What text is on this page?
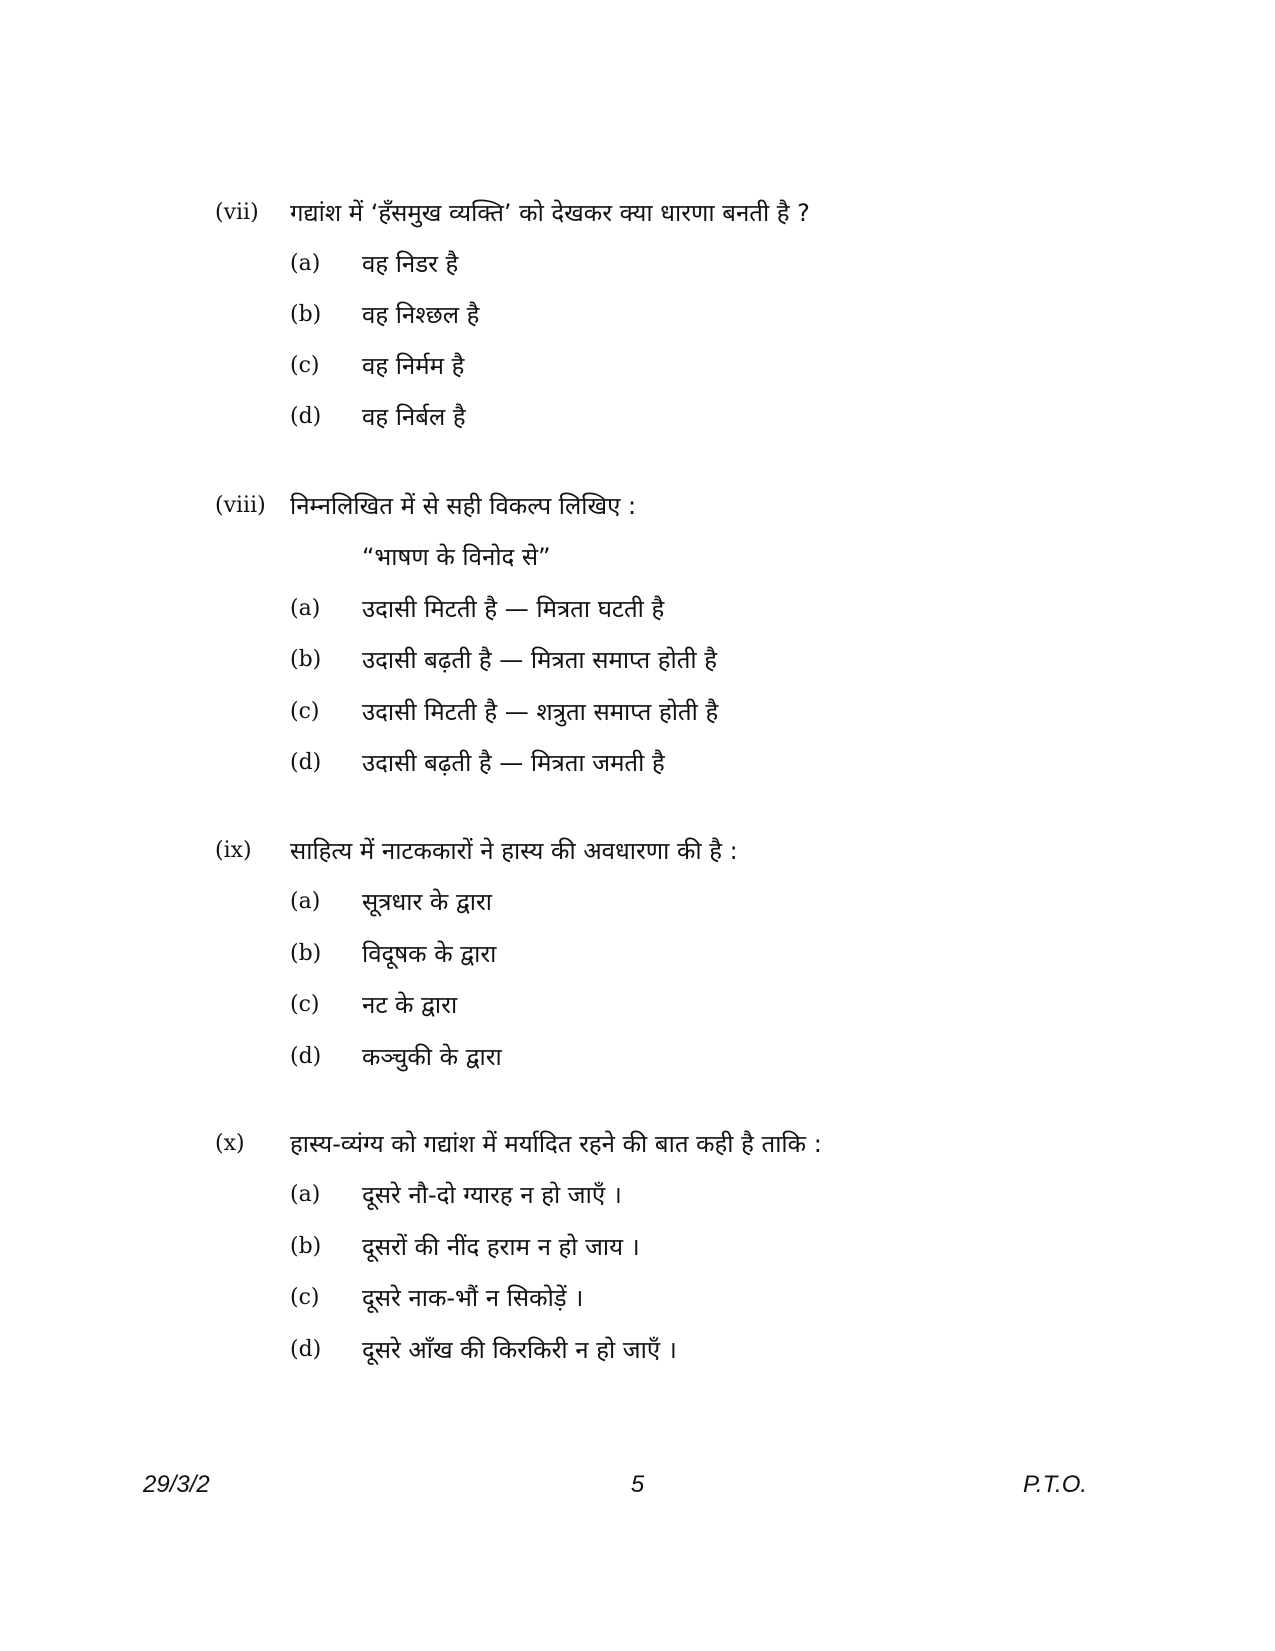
(vii) गद्यांश में ‘हँसमुख व्यक्ति’ को देखकर क्या धारणा बनती है ?
(a) वह निडर है
(b) वह निश्छल है
(c) वह निर्मम है
(d) वह निर्बल है
(viii) निम्नलिखित में से सही विकल्प लिखिए :
“भाषण के विनोद से”
(a) उदासी मिटती है — मित्रता घटती है
(b) उदासी बढ़ती है — मित्रता समाप्त होती है
(c) उदासी मिटती है — शत्रुता समाप्त होती है
(d) उदासी बढ़ती है — मित्रता जमती है
(ix) साहित्य में नाटककारों ने हास्य की अवधारणा की है :
(a) सूत्रधार के द्वारा
(b) विदूषक के द्वारा
(c) नट के द्वारा
(d) कञ्चुकी के द्वारा
(x) हास्य-व्यंग्य को गद्यांश में मर्यादित रहने की बात कही है ताकि :
(a) दूसरे नौ-दो ग्यारह न हो जाएँ ।
(b) दूसरों की नींद हराम न हो जाय ।
(c) दूसरे नाक-भौं न सिकोड़ें ।
(d) दूसरे आँख की किरकिरी न हो जाएँ ।
29/3/2	5	P.T.O.
